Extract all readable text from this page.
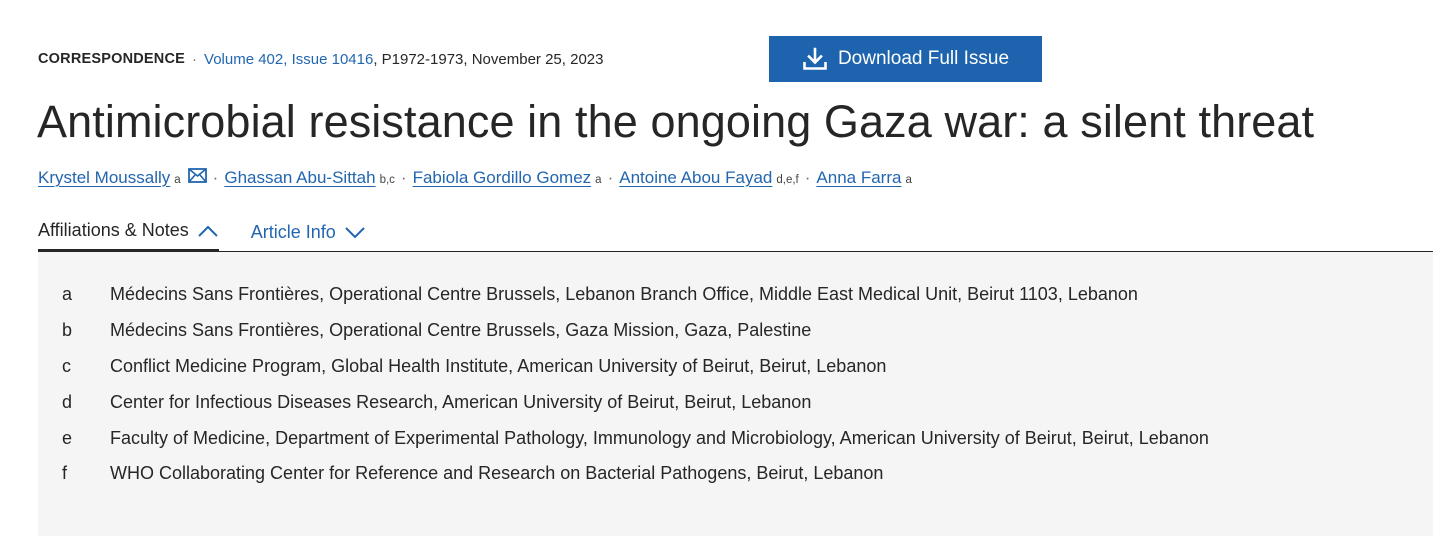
CORRESPONDENCE · Volume 402, Issue 10416 , P1972-1973, November 25, 2023	Download Full Issue
Antimicrobial resistance in the ongoing Gaza war: a silent threat
Krystel Moussally a · Ghassan Abu-Sittah b,c · Fabiola Gordillo Gomez a · Antoine Abou Fayad d,e,f · Anna Farra a
Affiliations & Notes	Article Info
a	Médecins Sans Frontières, Operational Centre Brussels, Lebanon Branch Office, Middle East Medical Unit, Beirut 1103, Lebanon
b	Médecins Sans Frontières, Operational Centre Brussels, Gaza Mission, Gaza, Palestine
c	Conflict Medicine Program, Global Health Institute, American University of Beirut, Beirut, Lebanon
d	Center for Infectious Diseases Research, American University of Beirut, Beirut, Lebanon
e	Faculty of Medicine, Department of Experimental Pathology, Immunology and Microbiology, American University of Beirut, Beirut, Lebanon
f	WHO Collaborating Center for Reference and Research on Bacterial Pathogens, Beirut, Lebanon
